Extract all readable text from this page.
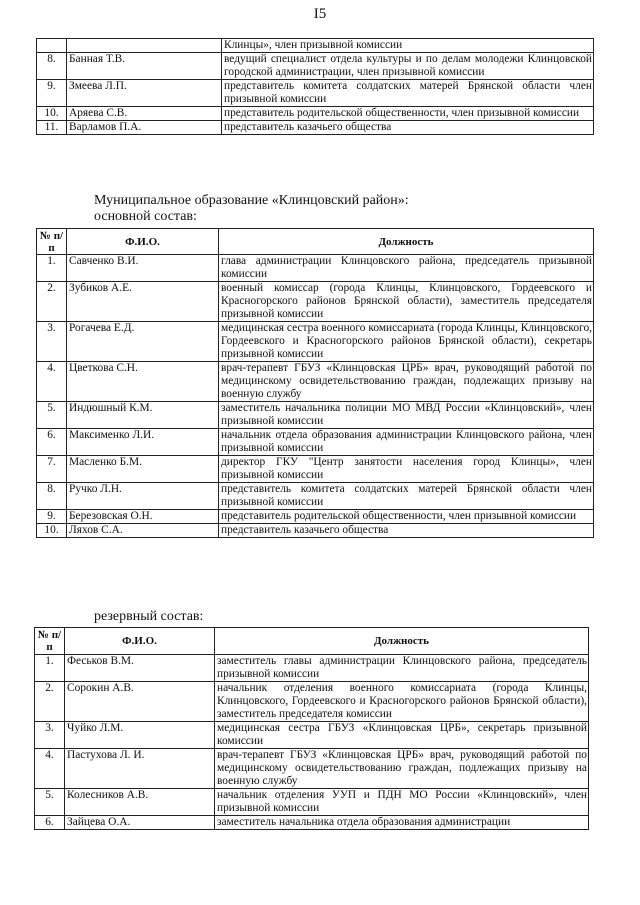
I5
		Клинцы», член призывной комиссии
8.	Банная Т.В.	ведущий специалист отдела культуры и по делам молодежи Клинцовской городской администрации, член призывной комиссии
9.	Змеева Л.П.	представитель комитета солдатских матерей Брянской области член призывной комиссии
10.	Аряева С.В.	представитель родительской общественности, член призывной комиссии
11.	Варламов П.А.	представитель казачьего общества
Муниципальное образование «Клинцовский район»:
основной состав:
№ п/п	Ф.И.О.	Должность
1.	Савченко В.И.	глава администрации Клинцовского района, председатель призывной комиссии
2.	Зубиков А.Е.	военный комиссар (города Клинцы, Клинцовского, Гордеевского и Красногорского районов Брянской области), заместитель председателя призывной комиссии
3.	Рогачева Е.Д.	медицинская сестра военного комиссариата (города Клинцы, Клинцовского, Гордеевского и Красногорского районов Брянской области), секретарь призывной комиссии
4.	Цветкова С.Н.	врач-терапевт ГБУЗ «Клинцовская ЦРБ» врач, руководящий работой по медицинскому освидетельствованию граждан, подлежащих призыву на военную службу
5.	Индюшный К.М.	заместитель начальника полиции МО МВД России «Клинцовский», член призывной комиссии
6.	Максименко Л.И.	начальник отдела образования администрации Клинцовского района, член призывной комиссии
7.	Масленко Б.М.	директор ГКУ "Центр занятости населения город Клинцы», член призывной комиссии
8.	Ручко Л.Н.	представитель комитета солдатских матерей Брянской области член призывной комиссии
9.	Березовская О.Н.	представитель родительской общественности, член призывной комиссии
10.	Ляхов С.А.	представитель казачьего общества
резервный состав:
№ п/п	Ф.И.О.	Должность
1.	Феськов В.М.	заместитель главы администрации Клинцовского района, председатель призывной комиссии
2.	Сорокин А.В.	начальник отделения военного комиссариата (города Клинцы, Клинцовского, Гордеевского и Красногорского районов Брянской области), заместитель председателя комиссии
3.	Чуйко Л.М.	медицинская сестра ГБУЗ «Клинцовская ЦРБ», секретарь призывной комиссии
4.	Пастухова Л. И.	врач-терапевт ГБУЗ «Клинцовская ЦРБ» врач, руководящий работой по медицинскому освидетельствованию граждан, подлежащих призыву на военную службу
5.	Колесников А.В.	начальник отделения УУП и ПДН МО России «Клинцовский», член призывной комиссии
6.	Зайцева О.А.	заместитель начальника отдела образования администрации
